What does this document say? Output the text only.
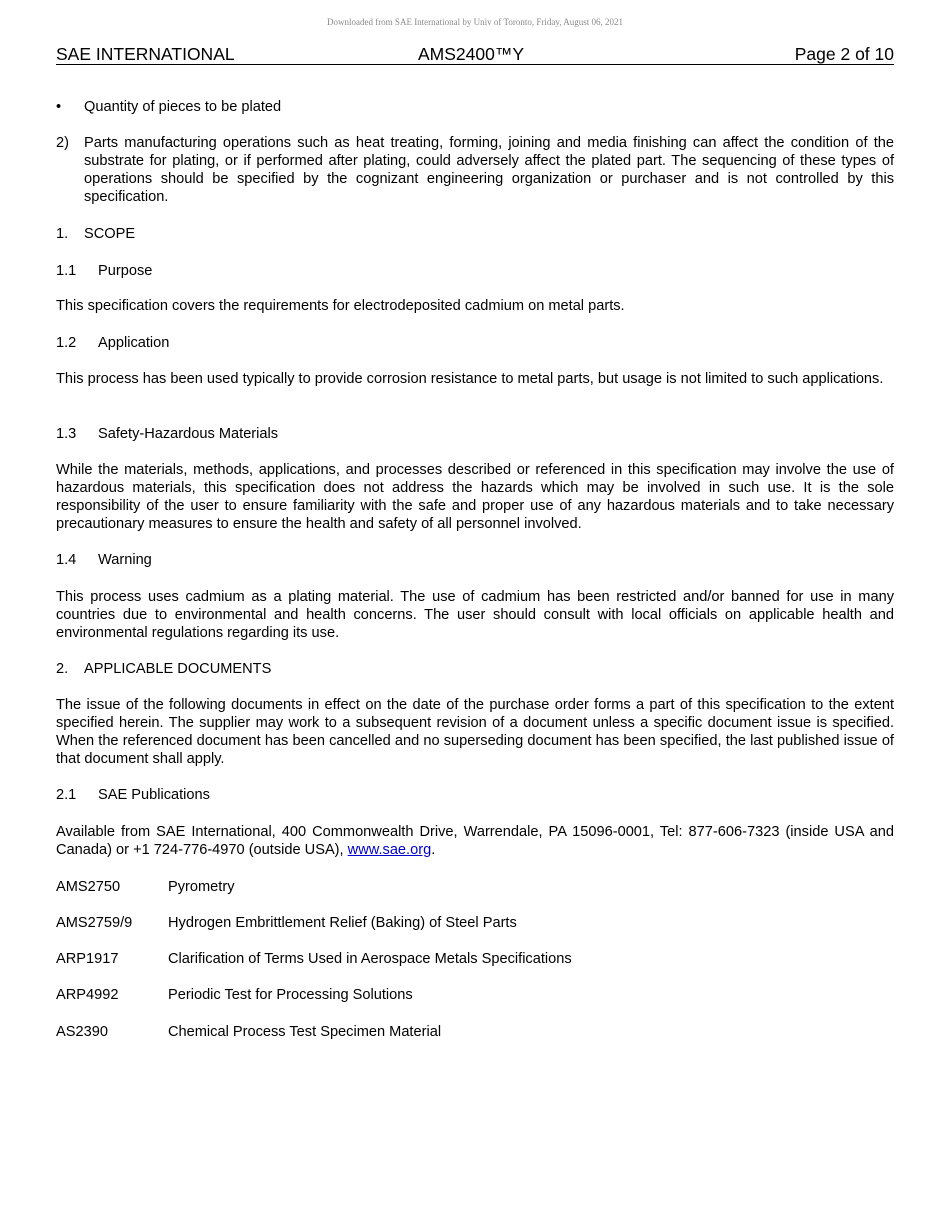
Downloaded from SAE International by Univ of Toronto, Friday, August 06, 2021
SAE INTERNATIONAL	AMS2400™Y	Page 2 of 10
•	Quantity of pieces to be plated
2)	Parts manufacturing operations such as heat treating, forming, joining and media finishing can affect the condition of the substrate for plating, or if performed after plating, could adversely affect the plated part. The sequencing of these types of operations should be specified by the cognizant engineering organization or purchaser and is not controlled by this specification.
1.	SCOPE
1.1 Purpose
This specification covers the requirements for electrodeposited cadmium on metal parts.
1.2 Application
This process has been used typically to provide corrosion resistance to metal parts, but usage is not limited to such applications.
1.3 Safety-Hazardous Materials
While the materials, methods, applications, and processes described or referenced in this specification may involve the use of hazardous materials, this specification does not address the hazards which may be involved in such use. It is the sole responsibility of the user to ensure familiarity with the safe and proper use of any hazardous materials and to take necessary precautionary measures to ensure the health and safety of all personnel involved.
1.4 Warning
This process uses cadmium as a plating material. The use of cadmium has been restricted and/or banned for use in many countries due to environmental and health concerns. The user should consult with local officials on applicable health and environmental regulations regarding its use.
2.	APPLICABLE DOCUMENTS
The issue of the following documents in effect on the date of the purchase order forms a part of this specification to the extent specified herein. The supplier may work to a subsequent revision of a document unless a specific document issue is specified. When the referenced document has been cancelled and no superseding document has been specified, the last published issue of that document shall apply.
2.1 SAE Publications
Available from SAE International, 400 Commonwealth Drive, Warrendale, PA 15096-0001, Tel: 877-606-7323 (inside USA and Canada) or +1 724-776-4970 (outside USA), www.sae.org.
AMS2750	Pyrometry
AMS2759/9	Hydrogen Embrittlement Relief (Baking) of Steel Parts
ARP1917	Clarification of Terms Used in Aerospace Metals Specifications
ARP4992	Periodic Test for Processing Solutions
AS2390	Chemical Process Test Specimen Material
